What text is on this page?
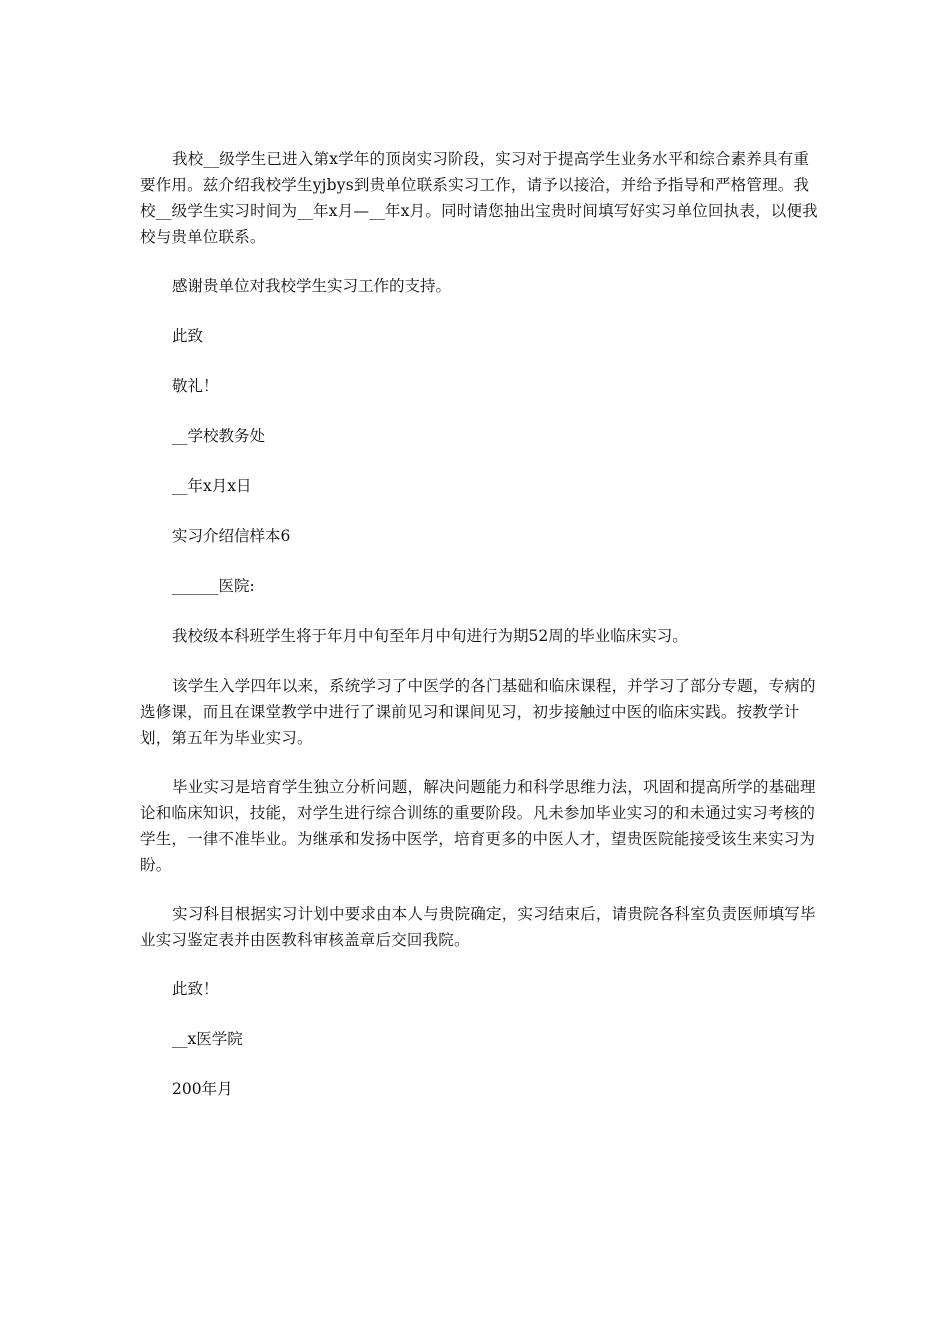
我校__级学生已进入第x学年的顶岗实习阶段，实习对于提高学生业务水平和综合素养具有重要作用。兹介绍我校学生yjbys到贵单位联系实习工作，请予以接洽，并给予指导和严格管理。我校__级学生实习时间为__年x月—__年x月。同时请您抽出宝贵时间填写好实习单位回执表，以便我校与贵单位联系。

感谢贵单位对我校学生实习工作的支持。

此致

敬礼！

__学校教务处

__年x月x日

实习介绍信样本6

______医院:

我校级本科班学生将于年月中旬至年月中旬进行为期52周的毕业临床实习。

该学生入学四年以来，系统学习了中医学的各门基础和临床课程，并学习了部分专题，专病的选修课，而且在课堂教学中进行了课前见习和课间见习，初步接触过中医的临床实践。按教学计划，第五年为毕业实习。

毕业实习是培育学生独立分析问题，解决问题能力和科学思维力法，巩固和提高所学的基础理论和临床知识，技能，对学生进行综合训练的重要阶段。凡未参加毕业实习的和未通过实习考核的学生，一律不准毕业。为继承和发扬中医学，培育更多的中医人才，望贵医院能接受该生来实习为盼。

实习科目根据实习计划中要求由本人与贵院确定，实习结束后，请贵院各科室负责医师填写毕业实习鉴定表并由医教科审核盖章后交回我院。

此致！

__x医学院

200年月
